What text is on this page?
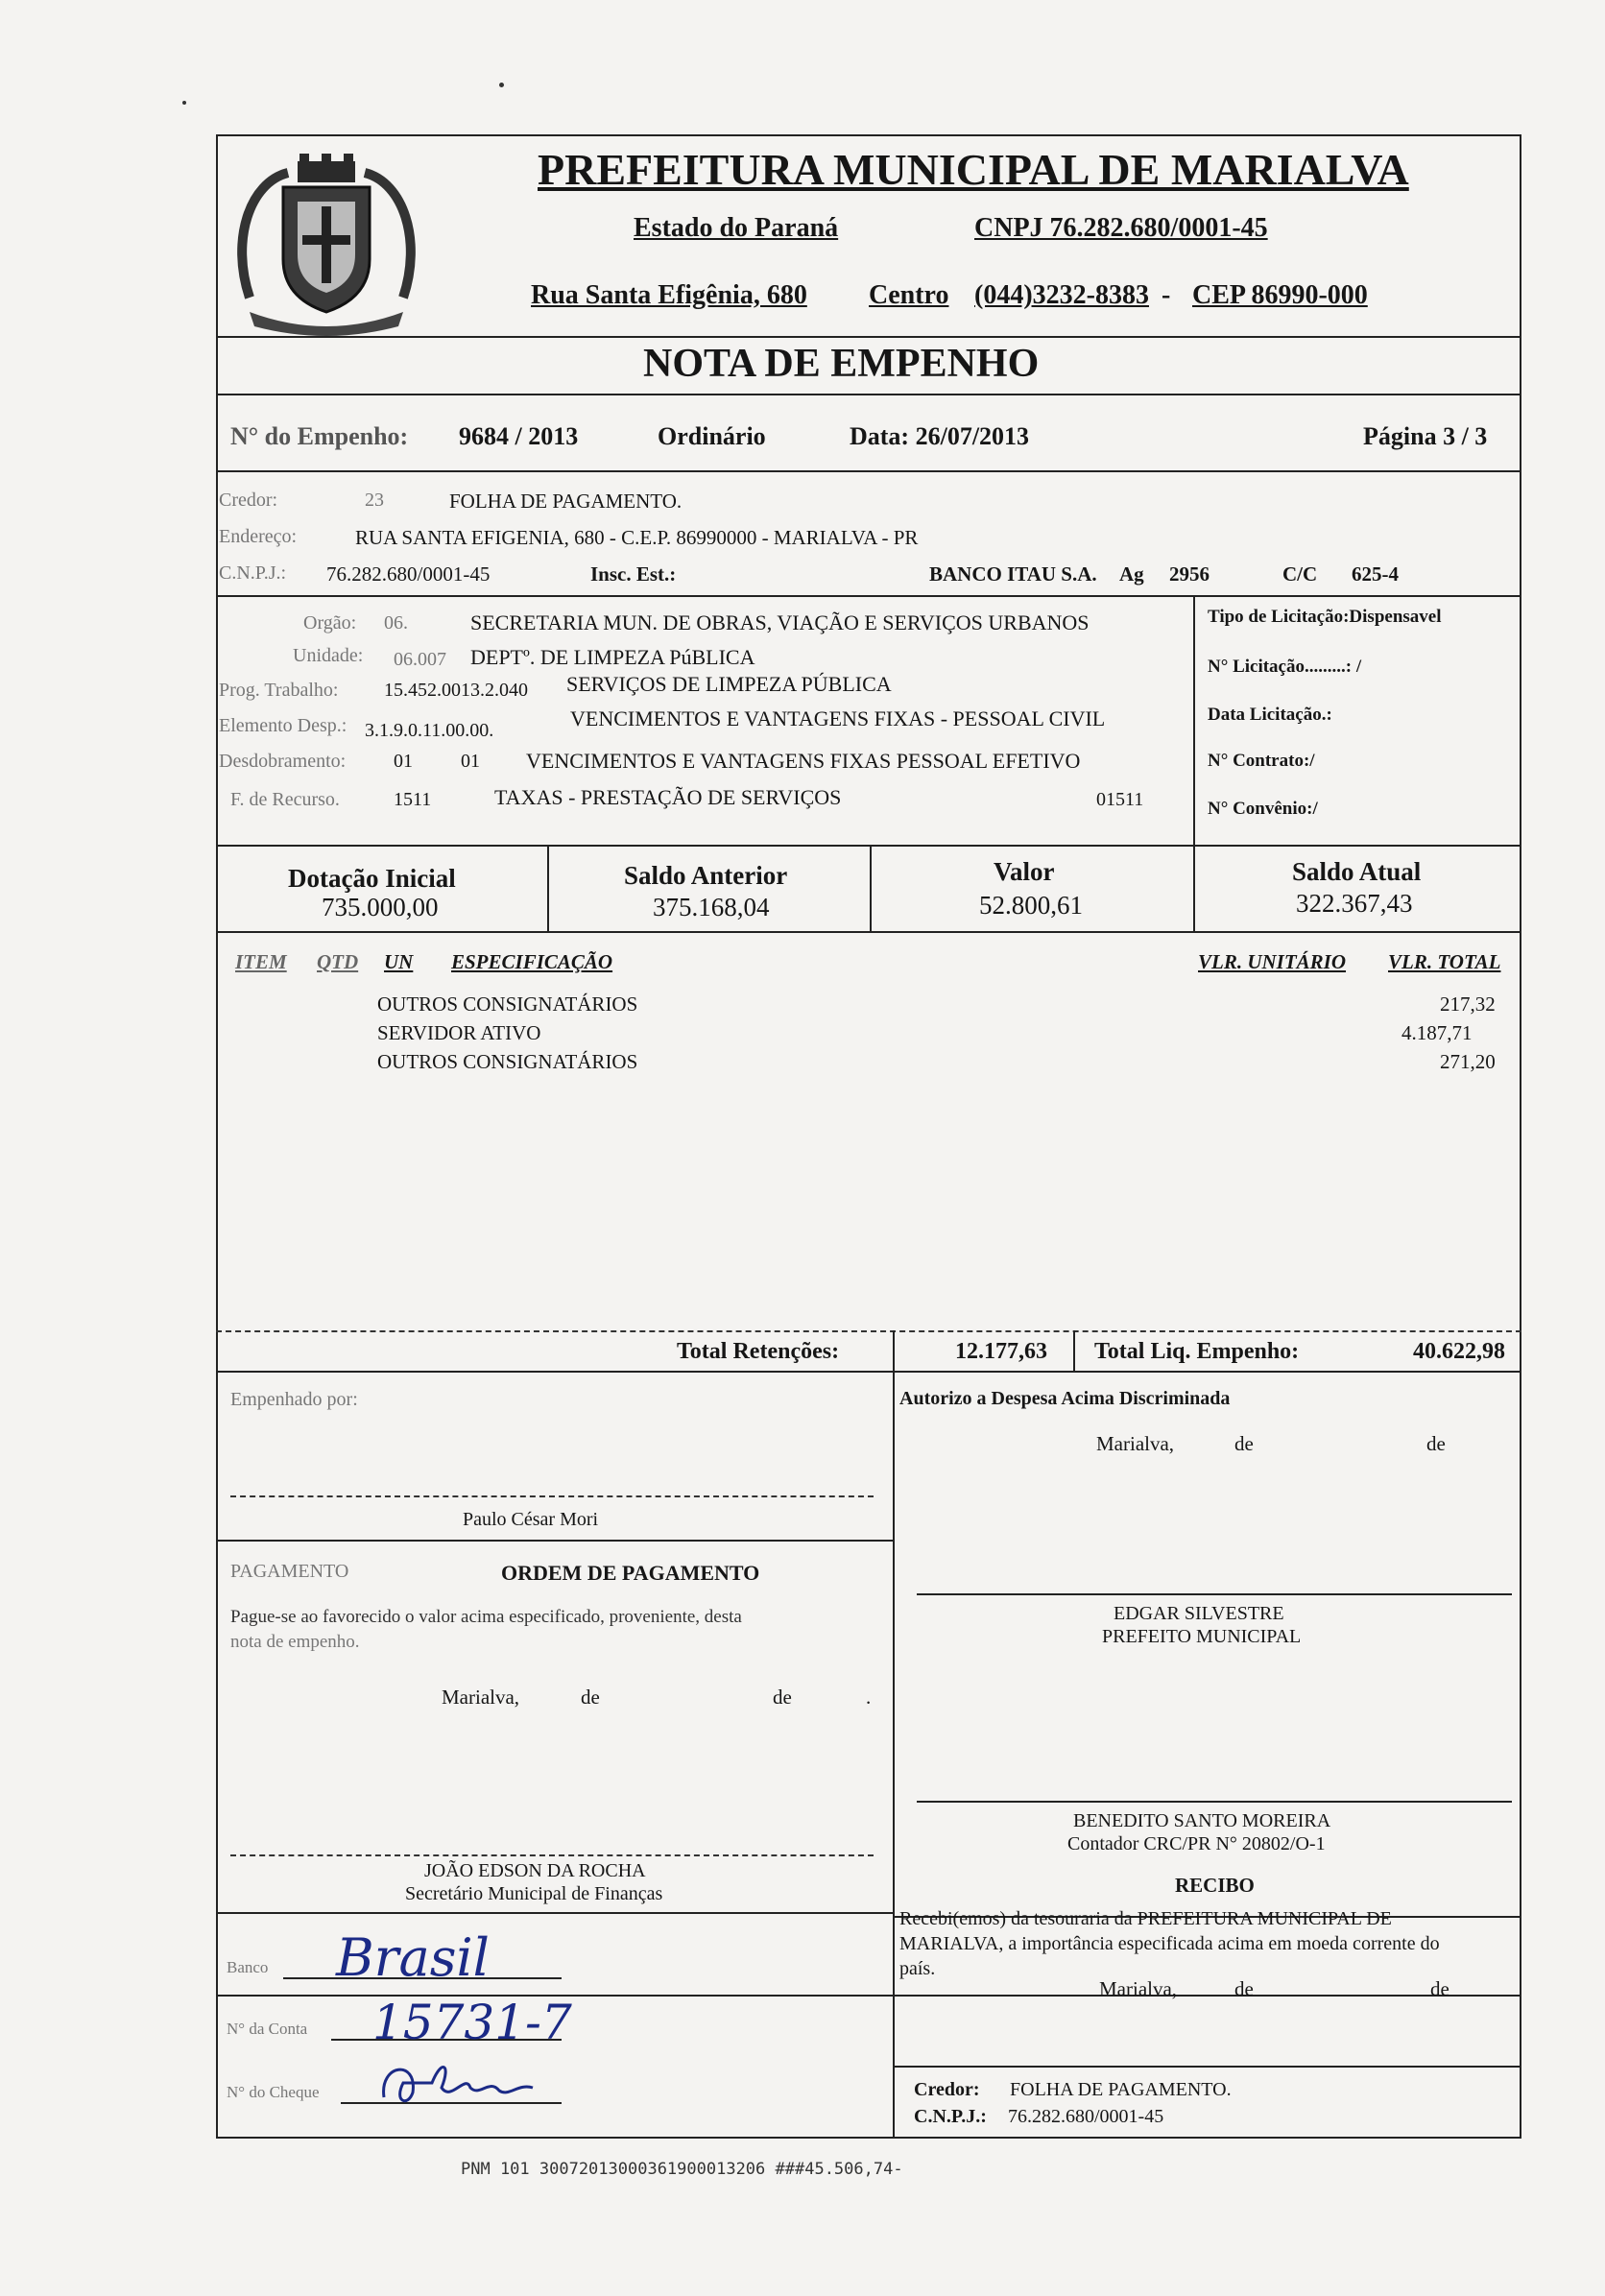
PREFEITURA MUNICIPAL DE MARIALVA
Estado do Paraná	CNPJ 76.282.680/0001-45
Rua Santa Efigênia, 680 Centro (044)3232-8383 - CEP 86990-000
NOTA DE EMPENHO
N° do Empenho: 9684 / 2013	Ordinário	Data: 26/07/2013	Página 3 / 3
Credor:	23	FOLHA DE PAGAMENTO.
Endereço:	RUA SANTA EFIGENIA, 680 - C.E.P. 86990000 - MARIALVA - PR
C.N.P.J.: 76.282.680/0001-45	Insc. Est.:	BANCO ITAU S.A. Ag 2956	C/C 625-4
Orgão: 06.	SECRETARIA MUN. DE OBRAS, VIAÇÃO E SERVIÇOS URBANOS
Unidade: 06.007 DEPTº. DE LIMPEZA PúBLICA
Prog. Trabalho: 15.452.0013.2.040 SERVIÇOS DE LIMPEZA PÚBLICA
Elemento Desp.: 3.1.9.0.11.00.00.	VENCIMENTOS E VANTAGENS FIXAS - PESSOAL CIVIL
Desdobramento: 01	01 VENCIMENTOS E VANTAGENS FIXAS PESSOAL EFETIVO
F. de Recurso.	1511	TAXAS - PRESTAÇÃO DE SERVIÇOS	01511
Tipo de Licitação:Dispensavel
N° Licitação.........: /
Data Licitação.:
N° Contrato:/
N° Convênio:/
Dotação Inicial
735.000,00
Saldo Anterior
375.168,04
Valor
52.800,61
Saldo Atual
322.367,43
ITEM QTD UN ESPECIFICAÇÃO	VLR. UNITÁRIO VLR. TOTAL
OUTROS CONSIGNATÁRIOS	217,32
SERVIDOR ATIVO	4.187,71
OUTROS CONSIGNATÁRIOS	271,20
Total Retenções:	12.177,63 Total Liq. Empenho:	40.622,98
Empenhado por:
Paulo César Mori
PAGAMENTO	ORDEM DE PAGAMENTO
Pague-se ao favorecido o valor acima especificado, proveniente, desta
nota de empenho.
Marialva,	de	de	.
JOÃO EDSON DA ROCHA
Secretário Municipal de Finanças
Banco Brasil
Autorizo a Despesa Acima Discriminada
Marialva,	de	de
EDGAR SILVESTRE
PREFEITO MUNICIPAL
BENEDITO SANTO MOREIRA
Contador CRC/PR N° 20802/O-1
RECIBO
Recebi(emos) da tesouraria da PREFEITURA MUNICIPAL DE
MARIALVA, a importância especificada acima em moeda corrente do
país.
Marialva,	de	de
N° da Conta 15731-7
N° do Cheque	Credor: FOLHA DE PAGAMENTO.
C.N.P.J.: 76.282.680/0001-45
PNM 101 30072013000361900013206 ###45.506,74-
